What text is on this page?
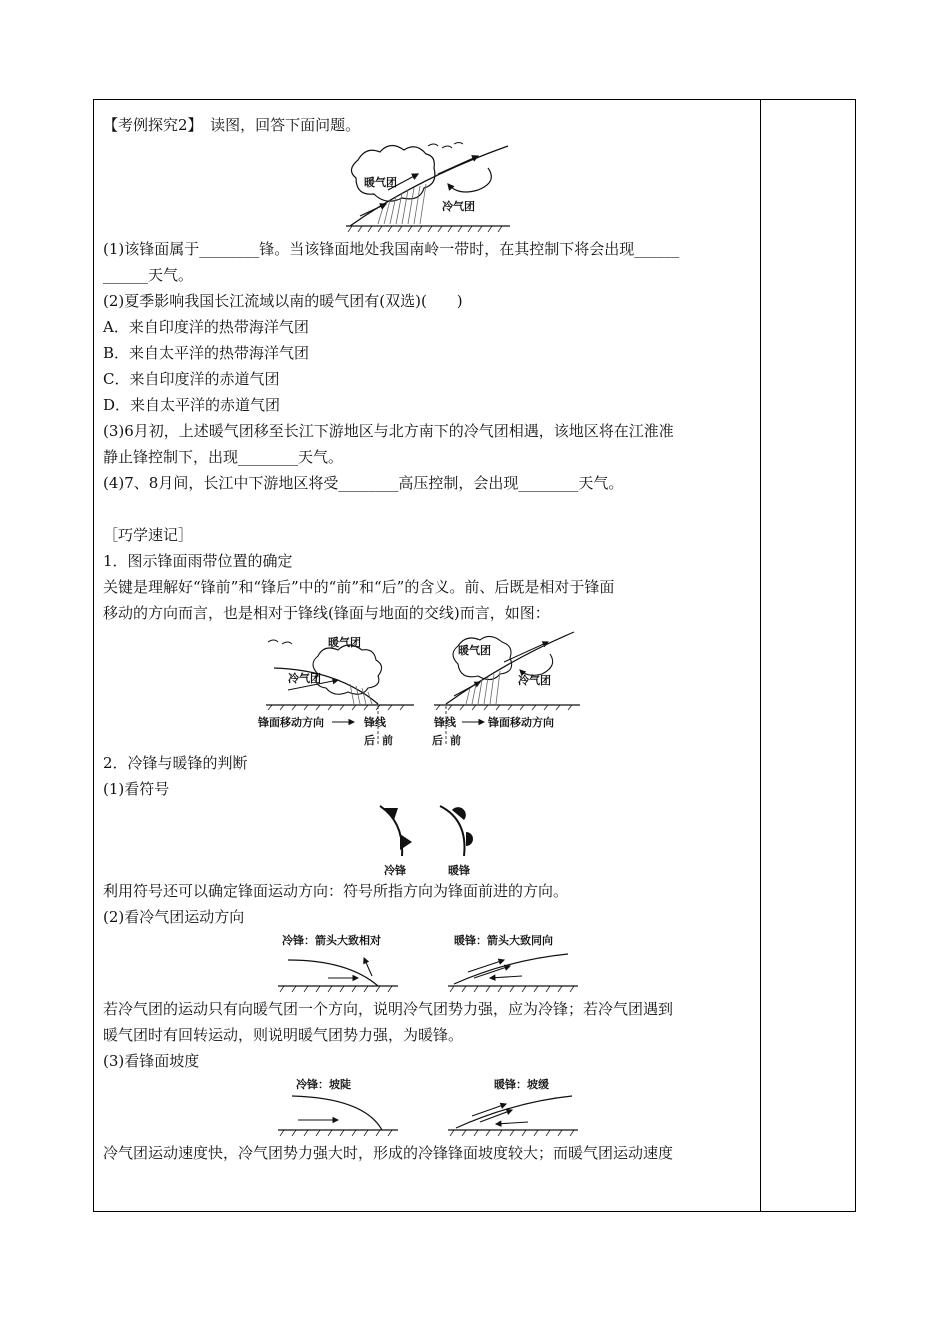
【考例探究2】　 读图，回答下面问题。
暖气团
冷气团
(1)该锋面属于________锋。当该锋面地处我国南岭一带时，在其控制下将会出现______
______天气。
(2)夏季影响我国长江流域以南的暖气团有(双选)(　　)
A．来自印度洋的热带海洋气团
B．来自太平洋的热带海洋气团
C．来自印度洋的赤道气团
D．来自太平洋的赤道气团
(3)6月初，上述暖气团移至长江下游地区与北方南下的冷气团相遇，该地区将在江淮准
静止锋控制下，出现________天气。
(4)7、8月间，长江中下游地区将受________高压控制，会出现________天气。
［巧学速记］
1．图示锋面雨带位置的确定
关键是理解好“锋前”和“锋后”中的“前”和“后”的含义。前、后既是相对于锋面
移动的方向而言，也是相对于锋线(锋面与地面的交线)而言，如图：
冷气团
暖气团
锋面移动方向	锋线
后 前
暖气团
冷气团
锋线	锋面移动方向
后 前
2．冷锋与暖锋的判断
(1)看符号
冷锋	暖锋
利用符号还可以确定锋面运动方向：符号所指方向为锋面前进的方向。
(2)看冷气团运动方向
冷锋：箭头大致相对	暖锋：箭头大致同向
若冷气团的运动只有向暖气团一个方向，说明冷气团势力强，应为冷锋；若冷气团遇到
暖气团时有回转运动，则说明暖气团势力强，为暖锋。
(3)看锋面坡度
冷锋：坡陡	暖锋：坡缓
冷气团运动速度快，冷气团势力强大时，形成的冷锋锋面坡度较大；而暖气团运动速度
